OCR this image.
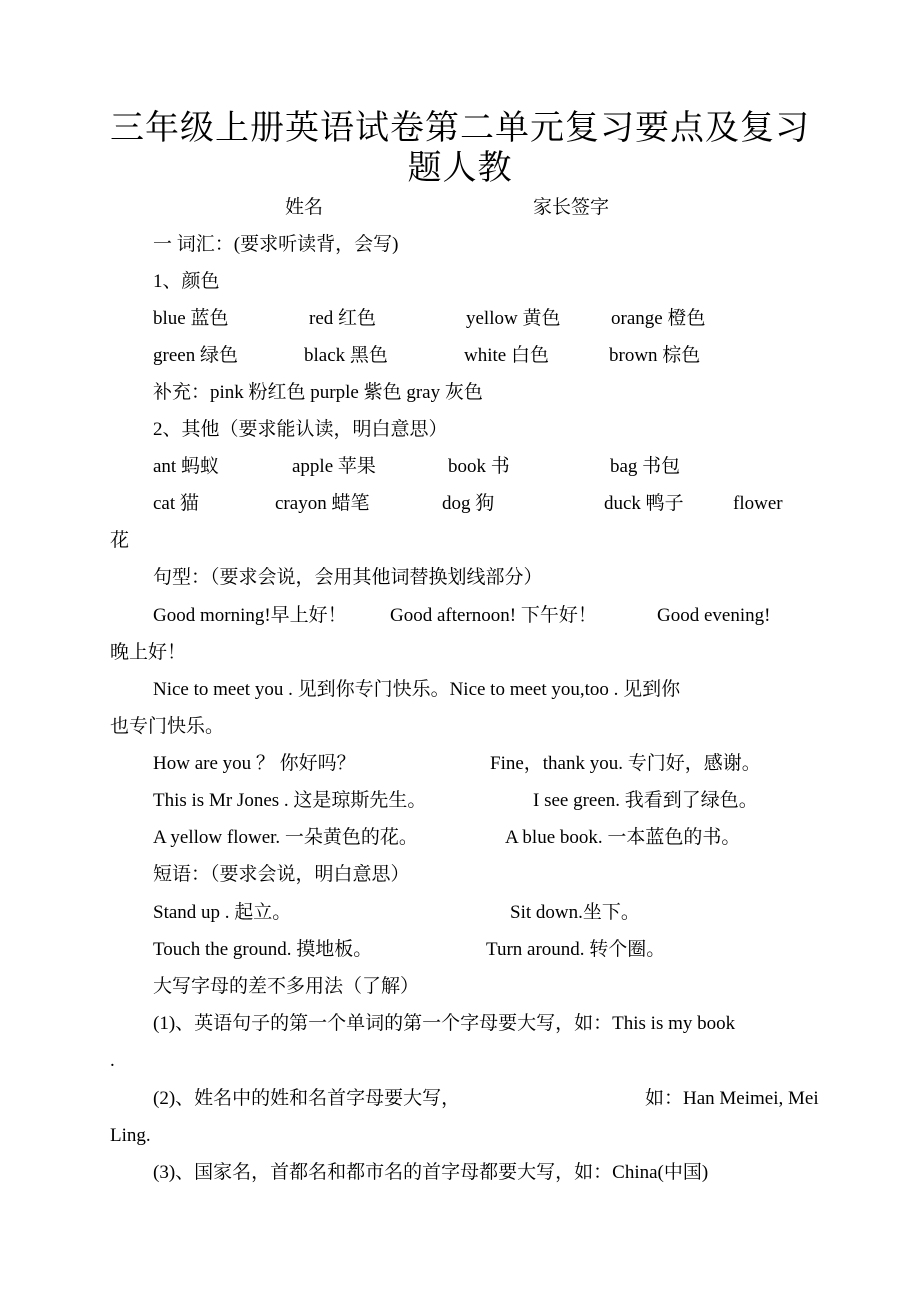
三年级上册英语试卷第二单元复习要点及复习
题人教
姓名	家长签字
一 词汇：(要求听读背，会写)
1、颜色
blue 蓝色	red 红色	yellow 黄色	orange 橙色
green 绿色	black 黑色	white 白色	brown 棕色
补充：pink 粉红色 purple 紫色 gray 灰色
2、其他（要求能认读，明白意思）
ant 蚂蚁	apple 苹果	book 书	bag 书包
cat 猫	crayon 蜡笔	dog 狗	duck 鸭子	flower
花
句型：（要求会说，会用其他词替换划线部分）
Good morning!早上好！ Good afternoon! 下午好！	Good evening!
晚上好！
Nice to meet you . 见到你专门快乐。Nice to meet you,too . 见到你
也专门快乐。
How are you ？ 你好吗？	Fine，thank you. 专门好，感谢。
This is Mr Jones . 这是琼斯先生。	I see green. 我看到了绿色。
A yellow flower. 一朵黄色的花。	A blue book. 一本蓝色的书。
短语：（要求会说，明白意思）
Stand up . 起立。	Sit down.坐下。
Touch the ground. 摸地板。	Turn around. 转个圈。
大写字母的差不多用法（了解）
(1)、英语句子的第一个单词的第一个字母要大写，如：This is my book
.
(2)、姓名中的姓和名首字母要大写，	如：Han Meimei, Mei
Ling.
(3)、国家名，首都名和都市名的首字母都要大写，如：China(中国)
